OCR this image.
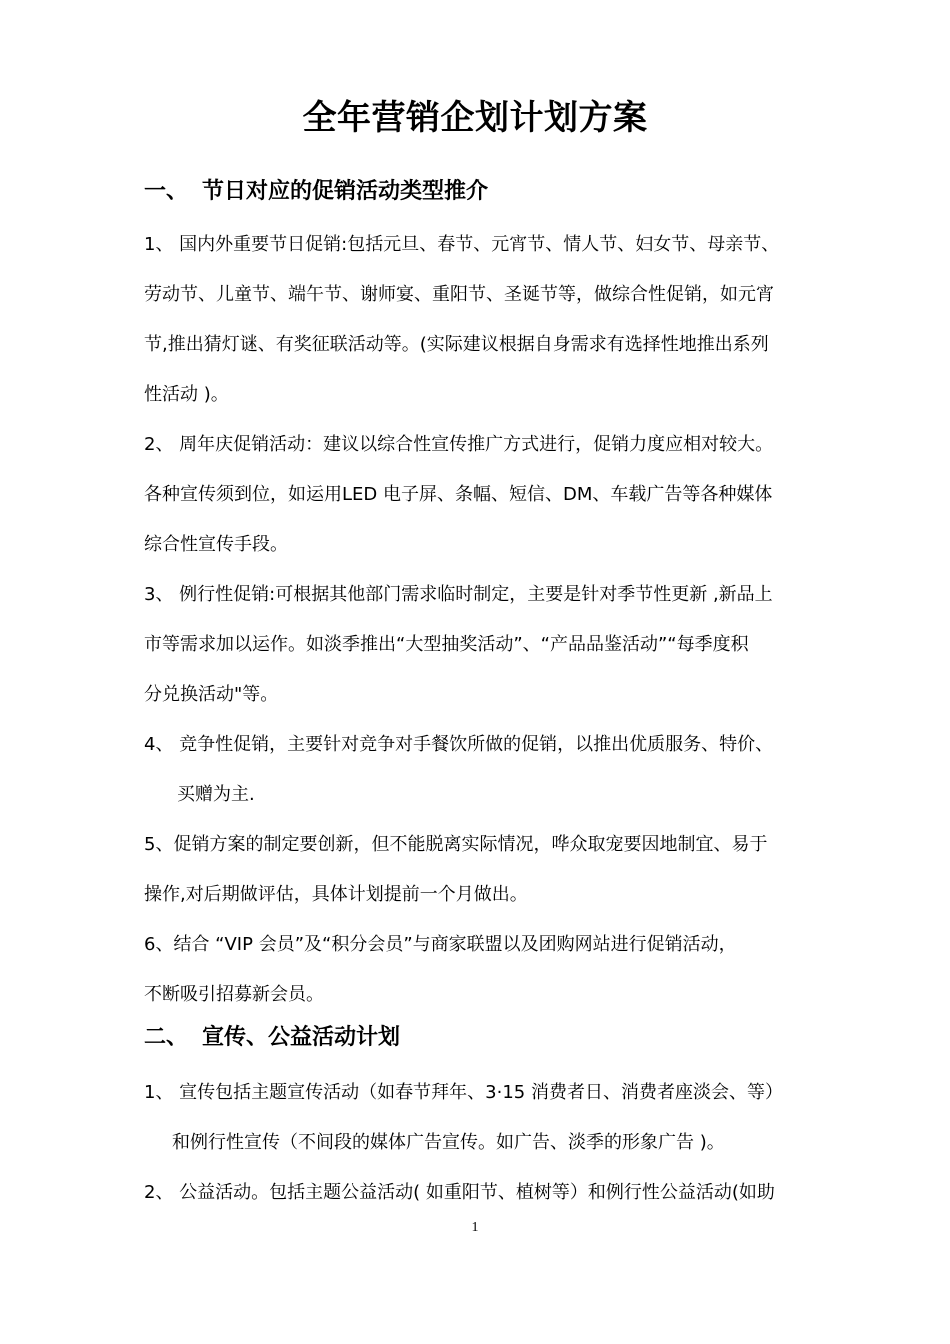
全年营销企划计划方案
一、 节日对应的促销活动类型推介
1、 国内外重要节日促销:包括元旦、春节、元宵节、情人节、妇女节、母亲节、
劳动节、儿童节、端午节、谢师宴、重阳节、圣诞节等，做综合性促销，如元宵
节,推出猜灯谜、有奖征联活动等。(实际建议根据自身需求有选择性地推出系列
性活动 )。
2、 周年庆促销活动：建议以综合性宣传推广方式进行，促销力度应相对较大。
各种宣传须到位，如运用LED 电子屏、条幅、短信、DM、车载广告等各种媒体
综合性宣传手段。
3、 例行性促销:可根据其他部门需求临时制定，主要是针对季节性更新 ,新品上
市等需求加以运作。如淡季推出“大型抽奖活动”、“产品品鉴活动”“每季度积
分兑换活动"等。
4、 竞争性促销，主要针对竞争对手餐饮所做的促销，以推出优质服务、特价、
买赠为主.
5、促销方案的制定要创新，但不能脱离实际情况，哗众取宠要因地制宜、易于
操作,对后期做评估，具体计划提前一个月做出。
6、结合 “VIP 会员”及“积分会员”与商家联盟以及团购网站进行促销活动，
不断吸引招募新会员。
二、 宣传、公益活动计划
1、 宣传包括主题宣传活动（如春节拜年、3·15 消费者日、消费者座淡会、等）
和例行性宣传（不间段的媒体广告宣传。如广告、淡季的形象广告 )。
2、 公益活动。包括主题公益活动( 如重阳节、植树等）和例行性公益活动(如助
1
